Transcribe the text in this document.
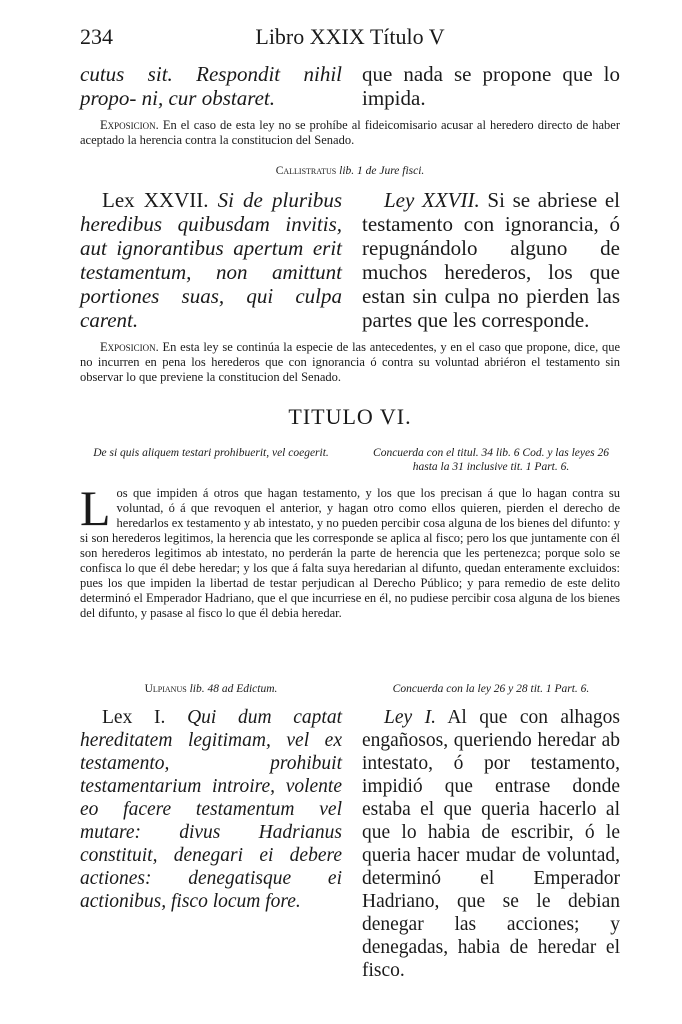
234	Libro XXIX Título V

cutus sit. Respondit nihil propo- ni, cur obstaret.

que nada se propone que lo impida.

Exposicion. En el caso de esta ley no se prohíbe al fideicomisario acusar al heredero directo de haber aceptado la herencia contra la constitucion del Senado.
Callistratus lib. 1 de Jure fisci.

Lex XXVII. Si de pluribus heredibus quibusdam invitis, aut ignorantibus apertum erit testamentum, non amittunt portiones suas, qui culpa carent.

Ley XXVII. Si se abriese el testamento con ignorancia, ó repugnándolo alguno de muchos herederos, los que estan sin culpa no pierden las partes que les corresponde.

Exposicion. En esta ley se continúa la especie de las antecedentes, y en el caso que propone, dice, que no incurren en pena los herederos que con ignorancia ó contra su voluntad abriéron el testamento sin observar lo que previene la constitucion del Senado.
TITULO VI.
De si quis aliquem testari prohibuerit, vel coegerit.	Concuerda con el titul. 34 lib. 6 Cod. y las leyes 26 hasta la 31 inclusive tit. 1 Part. 6.
Los que impiden á otros que hagan testamento, y los que los precisan á que lo hagan contra su voluntad, ó á que revoquen el anterior, y hagan otro como ellos quieren, pierden el derecho de heredarlos ex testamento y ab intestato, y no pueden percibir cosa alguna de los bienes del difunto: y si son herederos legitimos, la herencia que les corresponde se aplica al fisco; pero los que juntamente con él son herederos legitimos ab intestato, no perderán la parte de herencia que les pertenezca; porque solo se confisca lo que él debe heredar; y los que á falta suya heredarian al difunto, quedan enteramente excluidos: pues los que impiden la libertad de testar perjudican al Derecho Público; y para remedio de este delito determinó el Emperador Hadriano, que el que incurriese en él, no pudiese percibir cosa alguna de los bienes del difunto, y pasase al fisco lo que él debia heredar.
Ulpianus lib. 48 ad Edictum.	Concuerda con la ley 26 y 28 tit. 1 Part. 6.

Lex I. Qui dum captat hereditatem legitimam, vel ex testamento, prohibuit testamentarium introire, volente eo facere testamentum vel mutare: divus Hadrianus constituit, denegari ei debere actiones: denegatisque ei actionibus, fisco locum fore.

Ley I. Al que con alhagos engañosos, queriendo heredar ab intestato, ó por testamento, impidió que entrase donde estaba el que queria hacerlo al que lo habia de escribir, ó le queria hacer mudar de voluntad, determinó el Emperador Hadriano, que se le debian denegar las acciones; y denegadas, habia de heredar el fisco.
